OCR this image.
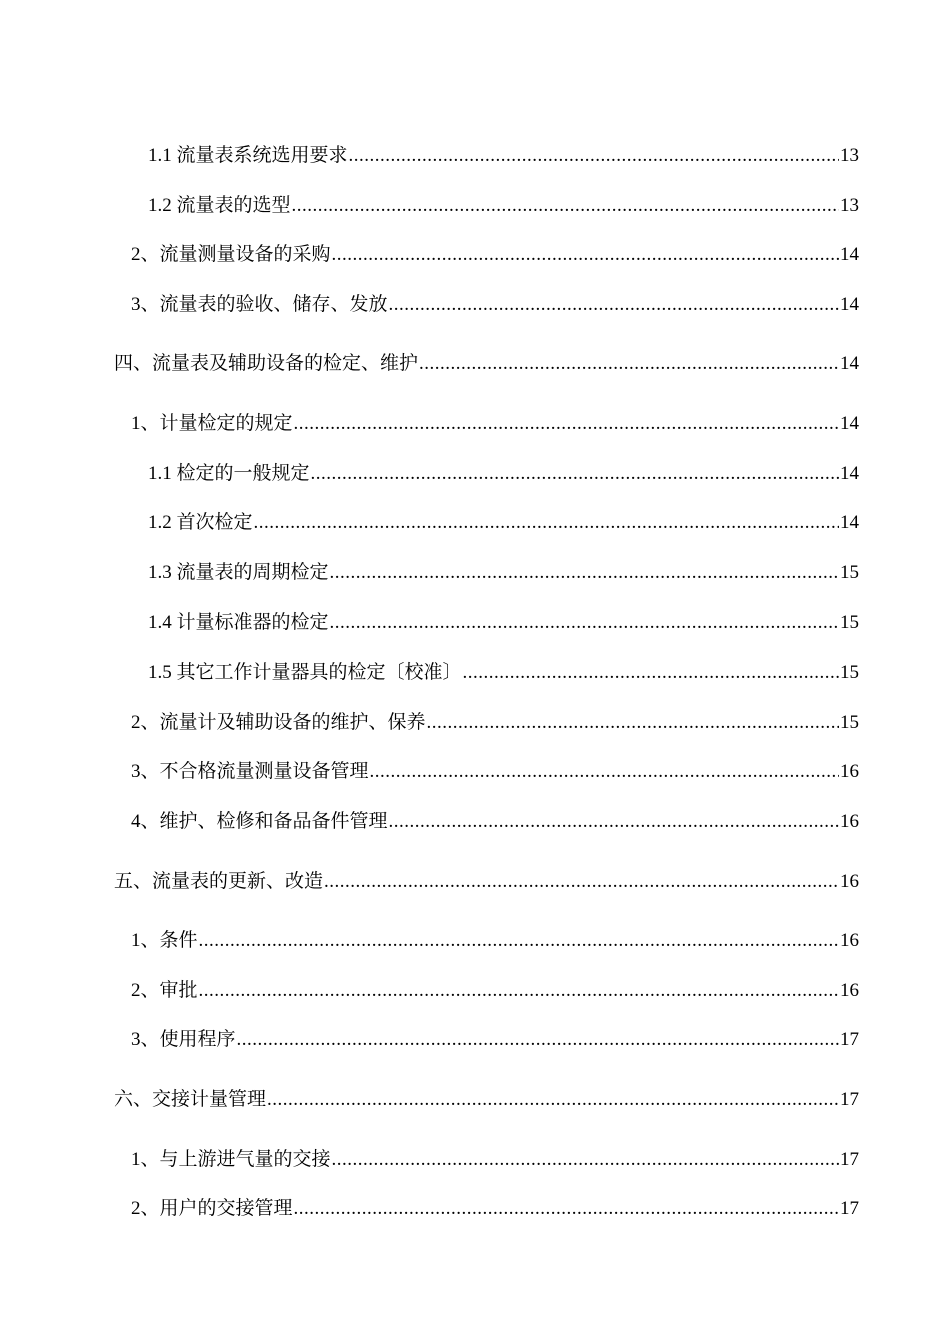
1.1 流量表系统选用要求 .....	13
1.2 流量表的选型 .....	13
2、流量测量设备的采购 .....	14
3、流量表的验收、储存、发放 .....	14
四、流量表及辅助设备的检定、维护 .....	14
1、计量检定的规定 .....	14
1.1 检定的一般规定 .....	14
1.2 首次检定 .....	14
1.3 流量表的周期检定 .....	15
1.4 计量标准器的检定 .....	15
1.5 其它工作计量器具的检定〔校准〕 .....	15
2、流量计及辅助设备的维护、保养 .....	15
3、不合格流量测量设备管理 .....	16
4、维护、检修和备品备件管理 .....	16
五、流量表的更新、改造 .....	16
1、条件 .....	16
2、审批 .....	16
3、使用程序 .....	17
六、交接计量管理 .....	17
1、与上游进气量的交接 .....	17
2、用户的交接管理 .....	17
